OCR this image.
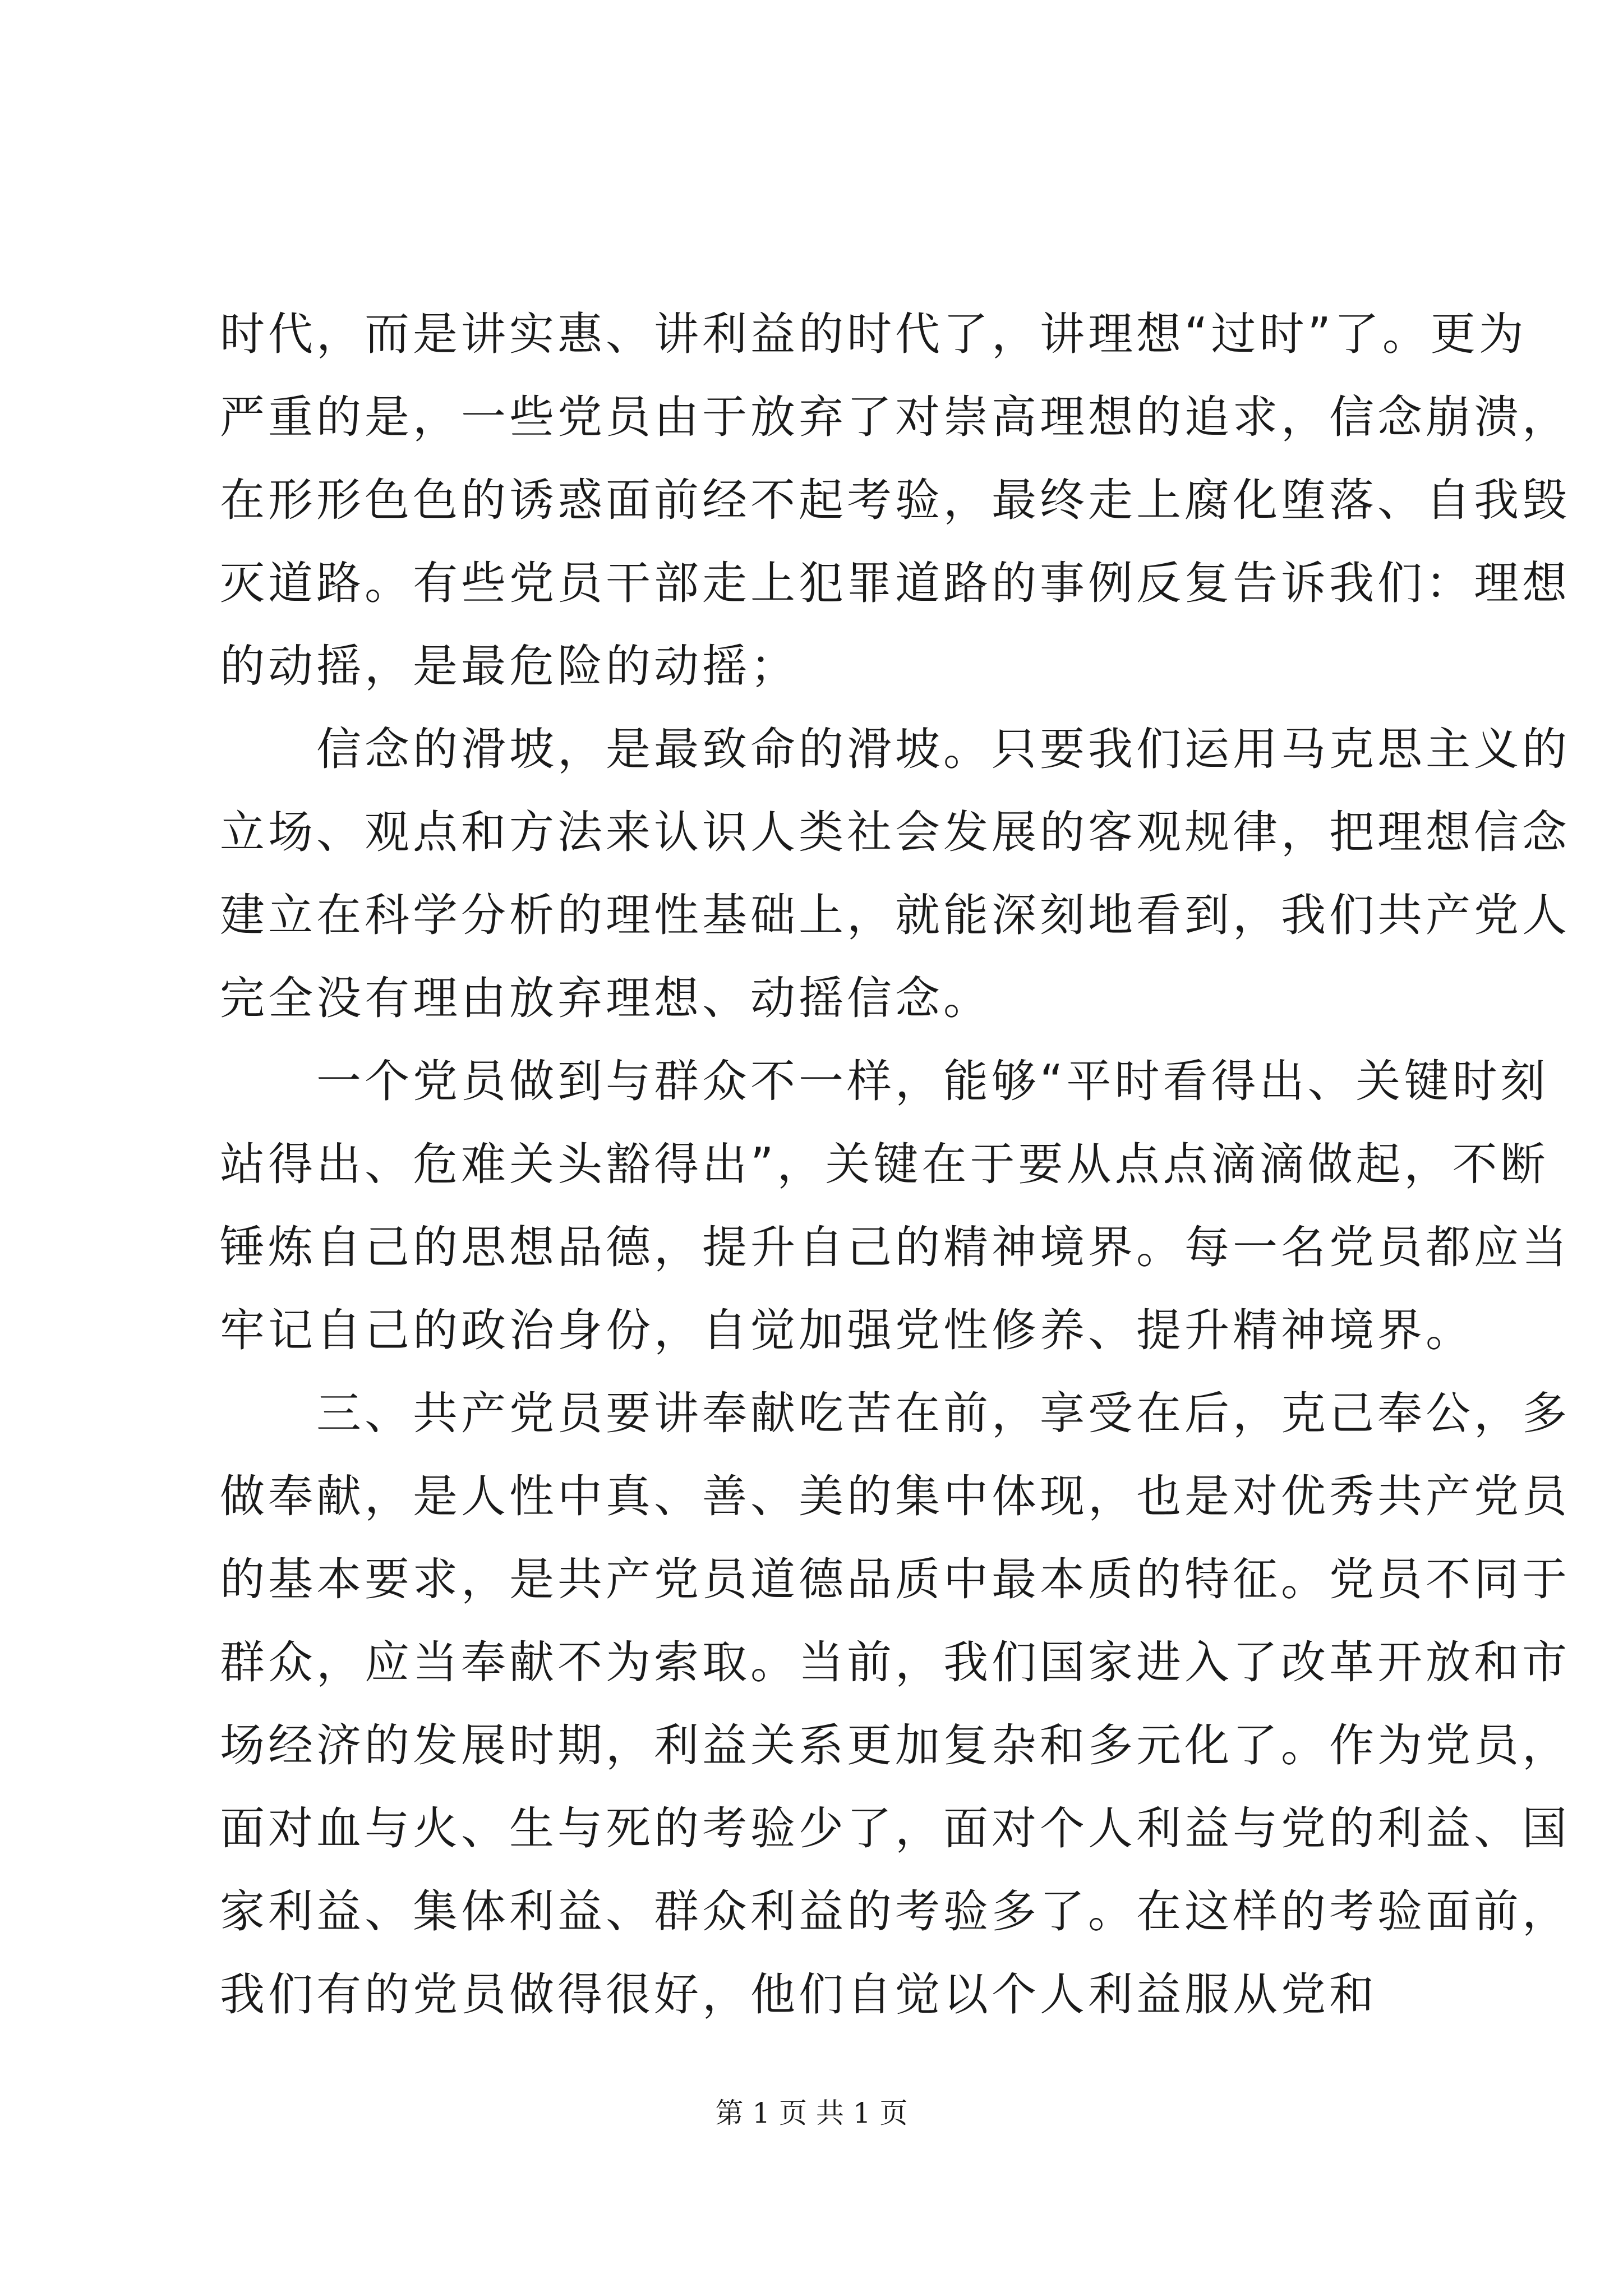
时代，而是讲实惠、讲利益的时代了，讲理想“过时”了。更为
严重的是，一些党员由于放弃了对崇高理想的追求，信念崩溃，
在形形色色的诱惑面前经不起考验，最终走上腐化堕落、自我毁
灭道路。有些党员干部走上犯罪道路的事例反复告诉我们：理想
的动摇，是最危险的动摇；
　　信念的滑坡，是最致命的滑坡。只要我们运用马克思主义的
立场、观点和方法来认识人类社会发展的客观规律，把理想信念
建立在科学分析的理性基础上，就能深刻地看到，我们共产党人
完全没有理由放弃理想、动摇信念。
　　一个党员做到与群众不一样，能够“平时看得出、关键时刻
站得出、危难关头豁得出”，关键在于要从点点滴滴做起，不断
锤炼自己的思想品德，提升自己的精神境界。每一名党员都应当
牢记自己的政治身份，自觉加强党性修养、提升精神境界。
　　三、共产党员要讲奉献吃苦在前，享受在后，克己奉公，多
做奉献，是人性中真、善、美的集中体现，也是对优秀共产党员
的基本要求，是共产党员道德品质中最本质的特征。党员不同于
群众，应当奉献不为索取。当前，我们国家进入了改革开放和市
场经济的发展时期，利益关系更加复杂和多元化了。作为党员，
面对血与火、生与死的考验少了，面对个人利益与党的利益、国
家利益、集体利益、群众利益的考验多了。在这样的考验面前，
我们有的党员做得很好，他们自觉以个人利益服从党和
第 1 页 共 1 页
